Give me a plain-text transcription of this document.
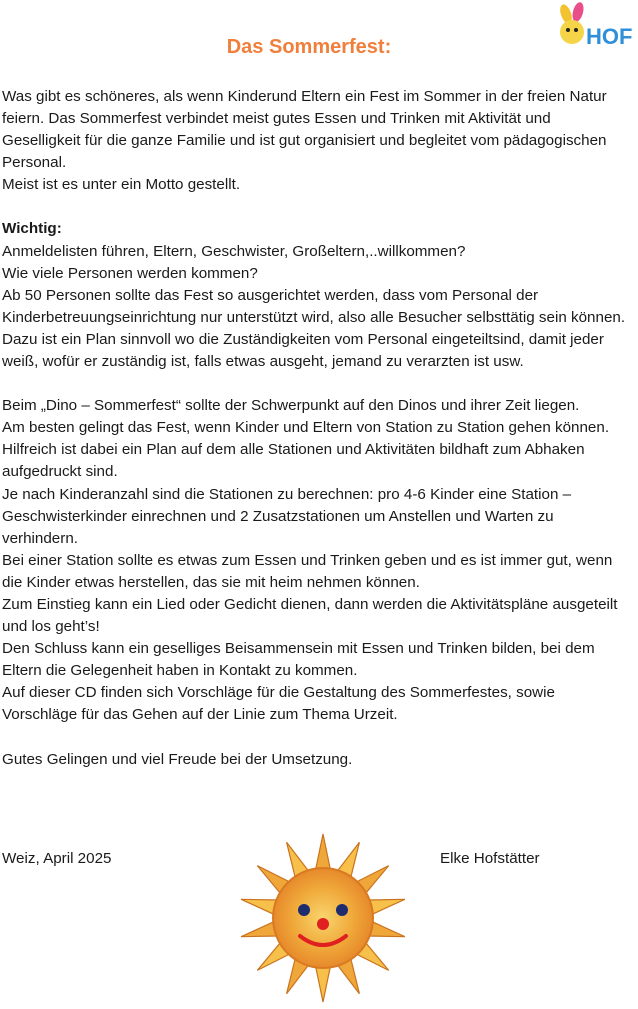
HOF
Das Sommerfest:

Was gibt es schöneres, als wenn Kinderund Eltern ein Fest im Sommer in der freien Natur feiern. Das Sommerfest verbindet meist gutes Essen und Trinken mit Aktivität und Geselligkeit für die ganze Familie und ist gut organisiert und begleitet vom pädagogischen Personal.

Meist ist es unter ein Motto gestellt.

Wichtig:

Anmeldelisten führen, Eltern, Geschwister, Großeltern,..willkommen?

Wie viele Personen werden kommen?

Ab 50 Personen sollte das Fest so ausgerichtet werden, dass vom Personal der Kinderbetreuungseinrichtung nur unterstützt wird, also alle Besucher selbsttätig sein können.

Dazu ist ein Plan sinnvoll wo die Zuständigkeiten vom Personal eingeteiltsind, damit jeder weiß, wofür er zuständig ist, falls etwas ausgeht, jemand zu verarzten ist usw.

Beim „Dino – Sommerfest“ sollte der Schwerpunkt auf den Dinos und ihrer Zeit liegen.

Am besten gelingt das Fest, wenn Kinder und Eltern von Station zu Station gehen können. Hilfreich ist dabei ein Plan auf dem alle Stationen und Aktivitäten bildhaft zum Abhaken aufgedruckt sind.

Je nach Kinderanzahl sind die Stationen zu berechnen: pro 4-6 Kinder eine Station – Geschwisterkinder einrechnen und 2 Zusatzstationen um Anstellen und Warten zu verhindern.

Bei einer Station sollte es etwas zum Essen und Trinken geben und es ist immer gut, wenn die Kinder etwas herstellen, das sie mit heim nehmen können.

Zum Einstieg kann ein Lied oder Gedicht dienen, dann werden die Aktivitätspläne ausgeteilt und los geht’s!

Den Schluss kann ein geselliges Beisammensein mit Essen und Trinken bilden, bei dem Eltern die Gelegenheit haben in Kontakt zu kommen.

Auf dieser CD finden sich Vorschläge für die Gestaltung des Sommerfestes, sowie Vorschläge für das Gehen auf der Linie zum Thema Urzeit.

Gutes Gelingen und viel Freude bei der Umsetzung.

Weiz, April 2025	Elke Hofstätter
